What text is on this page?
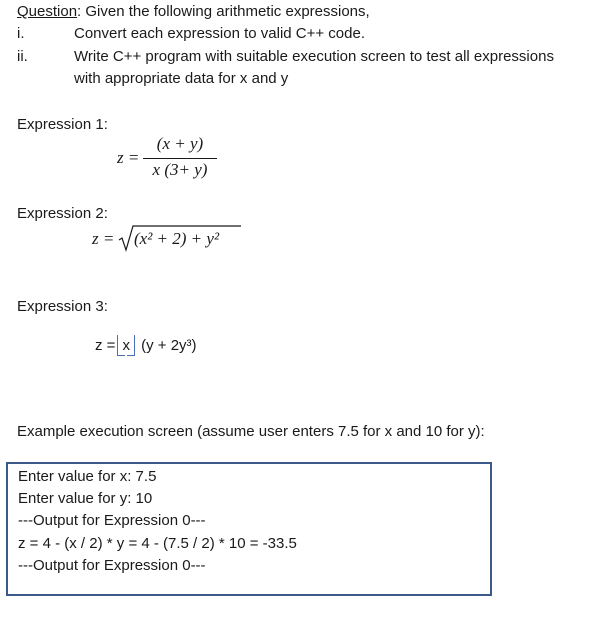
Question: Given the following arithmetic expressions,
i.	Convert each expression to valid C++ code.
ii.	Write C++ program with suitable execution screen to test all expressions
with appropriate data for x and y
Expression 1:
z =
(x + y)
x (3+ y)
Expression 2:
z = (x² + 2) + y²
Expression 3:
z = x (y + 2y³)
Example execution screen (assume user enters 7.5 for x and 10 for y):
Enter value for x: 7.5
Enter value for y: 10
---Output for Expression 0---
z = 4 - (x / 2) * y = 4 - (7.5 / 2) * 10 = -33.5
---Output for Expression 0---
